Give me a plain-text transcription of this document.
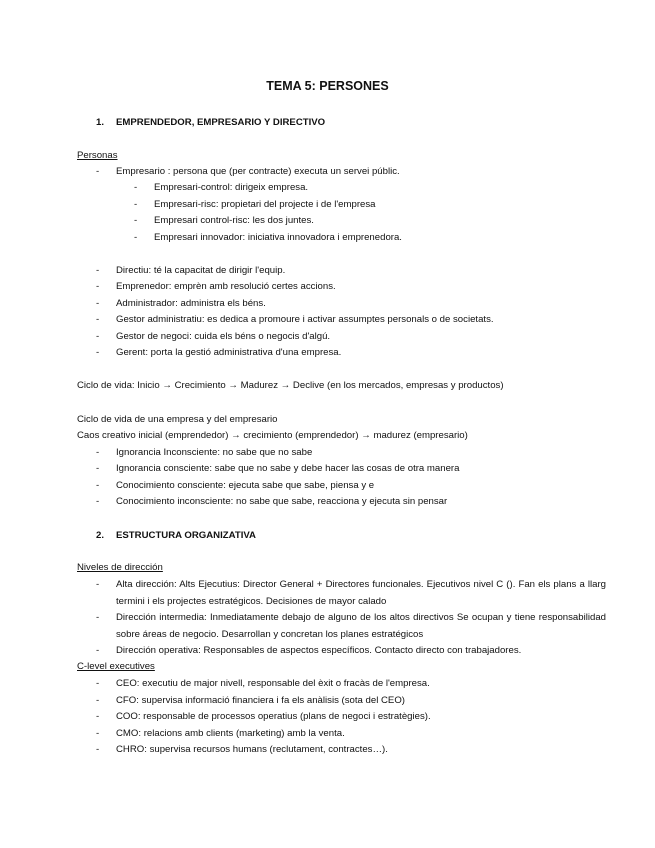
TEMA 5: PERSONES
1. EMPRENDEDOR, EMPRESARIO Y DIRECTIVO
Personas
- Empresario : persona que (per contracte) executa un servei públic.
- Empresari-control: dirigeix empresa.
- Empresari-risc: propietari del projecte i de l'empresa
- Empresari control-risc: les dos juntes.
- Empresari innovador: iniciativa innovadora i emprenedora.
- Directiu: té la capacitat de dirigir l'equip.
- Emprenedor: emprèn amb resolució certes accions.
- Administrador: administra els béns.
- Gestor administratiu: es dedica a promoure i activar assumptes personals o de societats.
- Gestor de negoci: cuida els béns o negocis d'algú.
- Gerent: porta la gestió administrativa d'una empresa.
Ciclo de vida: Inicio → Crecimiento → Madurez → Declive (en los mercados, empresas y productos)
Ciclo de vida de una empresa y del empresario
Caos creativo inicial (emprendedor) → crecimiento (emprendedor) → madurez (empresario)
- Ignorancia Inconsciente: no sabe que no sabe
- Ignorancia consciente: sabe que no sabe y debe hacer las cosas de otra manera
- Conocimiento consciente: ejecuta sabe que sabe, piensa y e
- Conocimiento inconsciente: no sabe que sabe, reacciona y ejecuta sin pensar
2. ESTRUCTURA ORGANIZATIVA
Niveles de dirección
- Alta dirección: Alts Ejecutius: Director General + Directores funcionales. Ejecutivos nivel C (). Fan els plans a llarg termini i els projectes estratégicos. Decisiones de mayor calado
- Dirección intermedia: Inmediatamente debajo de alguno de los altos directivos Se ocupan y tiene responsabilidad sobre áreas de negocio. Desarrollan y concretan los planes estratégicos
- Dirección operativa: Responsables de aspectos específicos. Contacto directo con trabajadores.
C-level executives
- CEO: executiu de major nivell, responsable del èxit o fracàs de l'empresa.
- CFO: supervisa informació financiera i fa els anàlisis (sota del CEO)
- COO: responsable de processos operatius (plans de negoci i estratègies).
- CMO: relacions amb clients (marketing) amb la venta.
- CHRO: supervisa recursos humans (reclutament, contractes…).
